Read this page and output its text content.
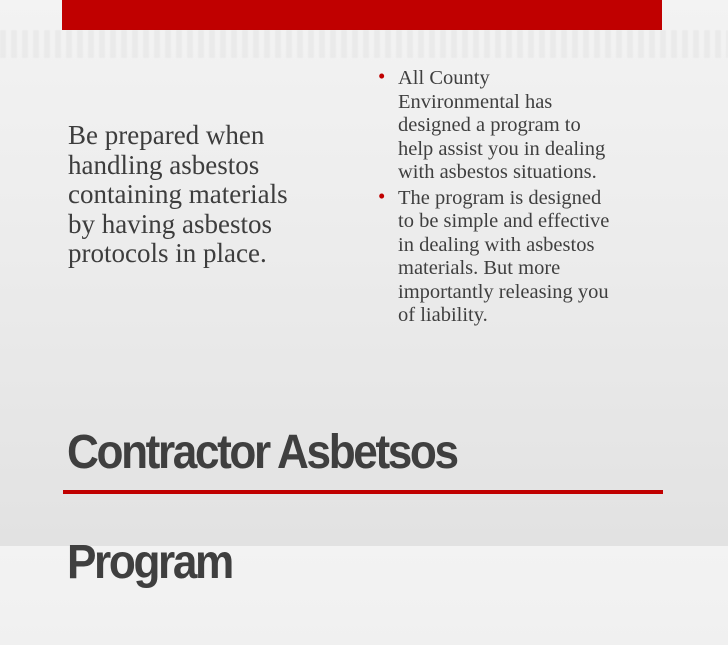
Be prepared when
handling asbestos
containing materials
by having asbestos
protocols in place.
• All County
Environmental has
designed a program to
help assist you in dealing
with asbestos situations.
• The program is designed
to be simple and effective
in dealing with asbestos
materials. But more
importantly releasing you
of liability.

Contractor Asbetsos

Program
